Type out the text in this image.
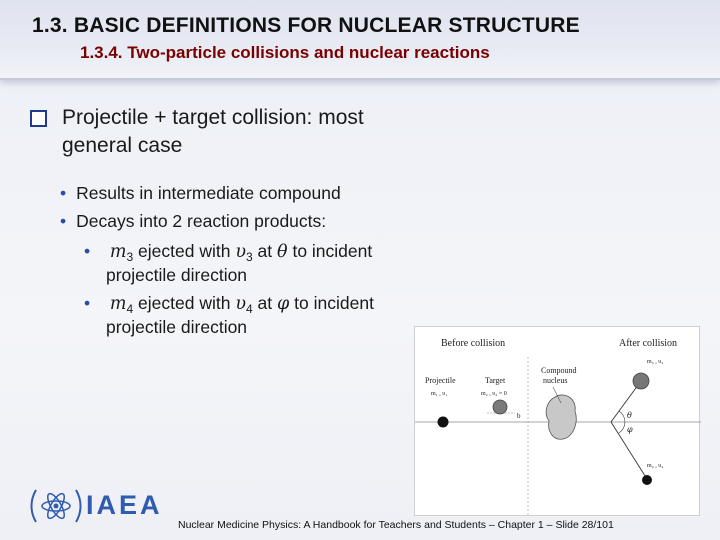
1.3. BASIC DEFINITIONS FOR NUCLEAR STRUCTURE
1.3.4. Two-particle collisions and nuclear reactions
Projectile + target collision: most
general case
• Results in intermediate compound
• Decays into 2 reaction products:
• $m_3$ ejected with $\upsilon_3$ at θ to incident
projectile direction
• $m_4$ ejected with $\upsilon_4$ at φ to incident
projectile direction
Before collision	After collision
Projectile
m₁ , υ₁
Target
m₂ , υ₂ = 0
Compound
nucleus
b	θ
φ
m₃ , υ₃
m₄ , υ₄
IAEA
Nuclear Medicine Physics: A Handbook for Teachers and Students – Chapter 1 – Slide 28/101
